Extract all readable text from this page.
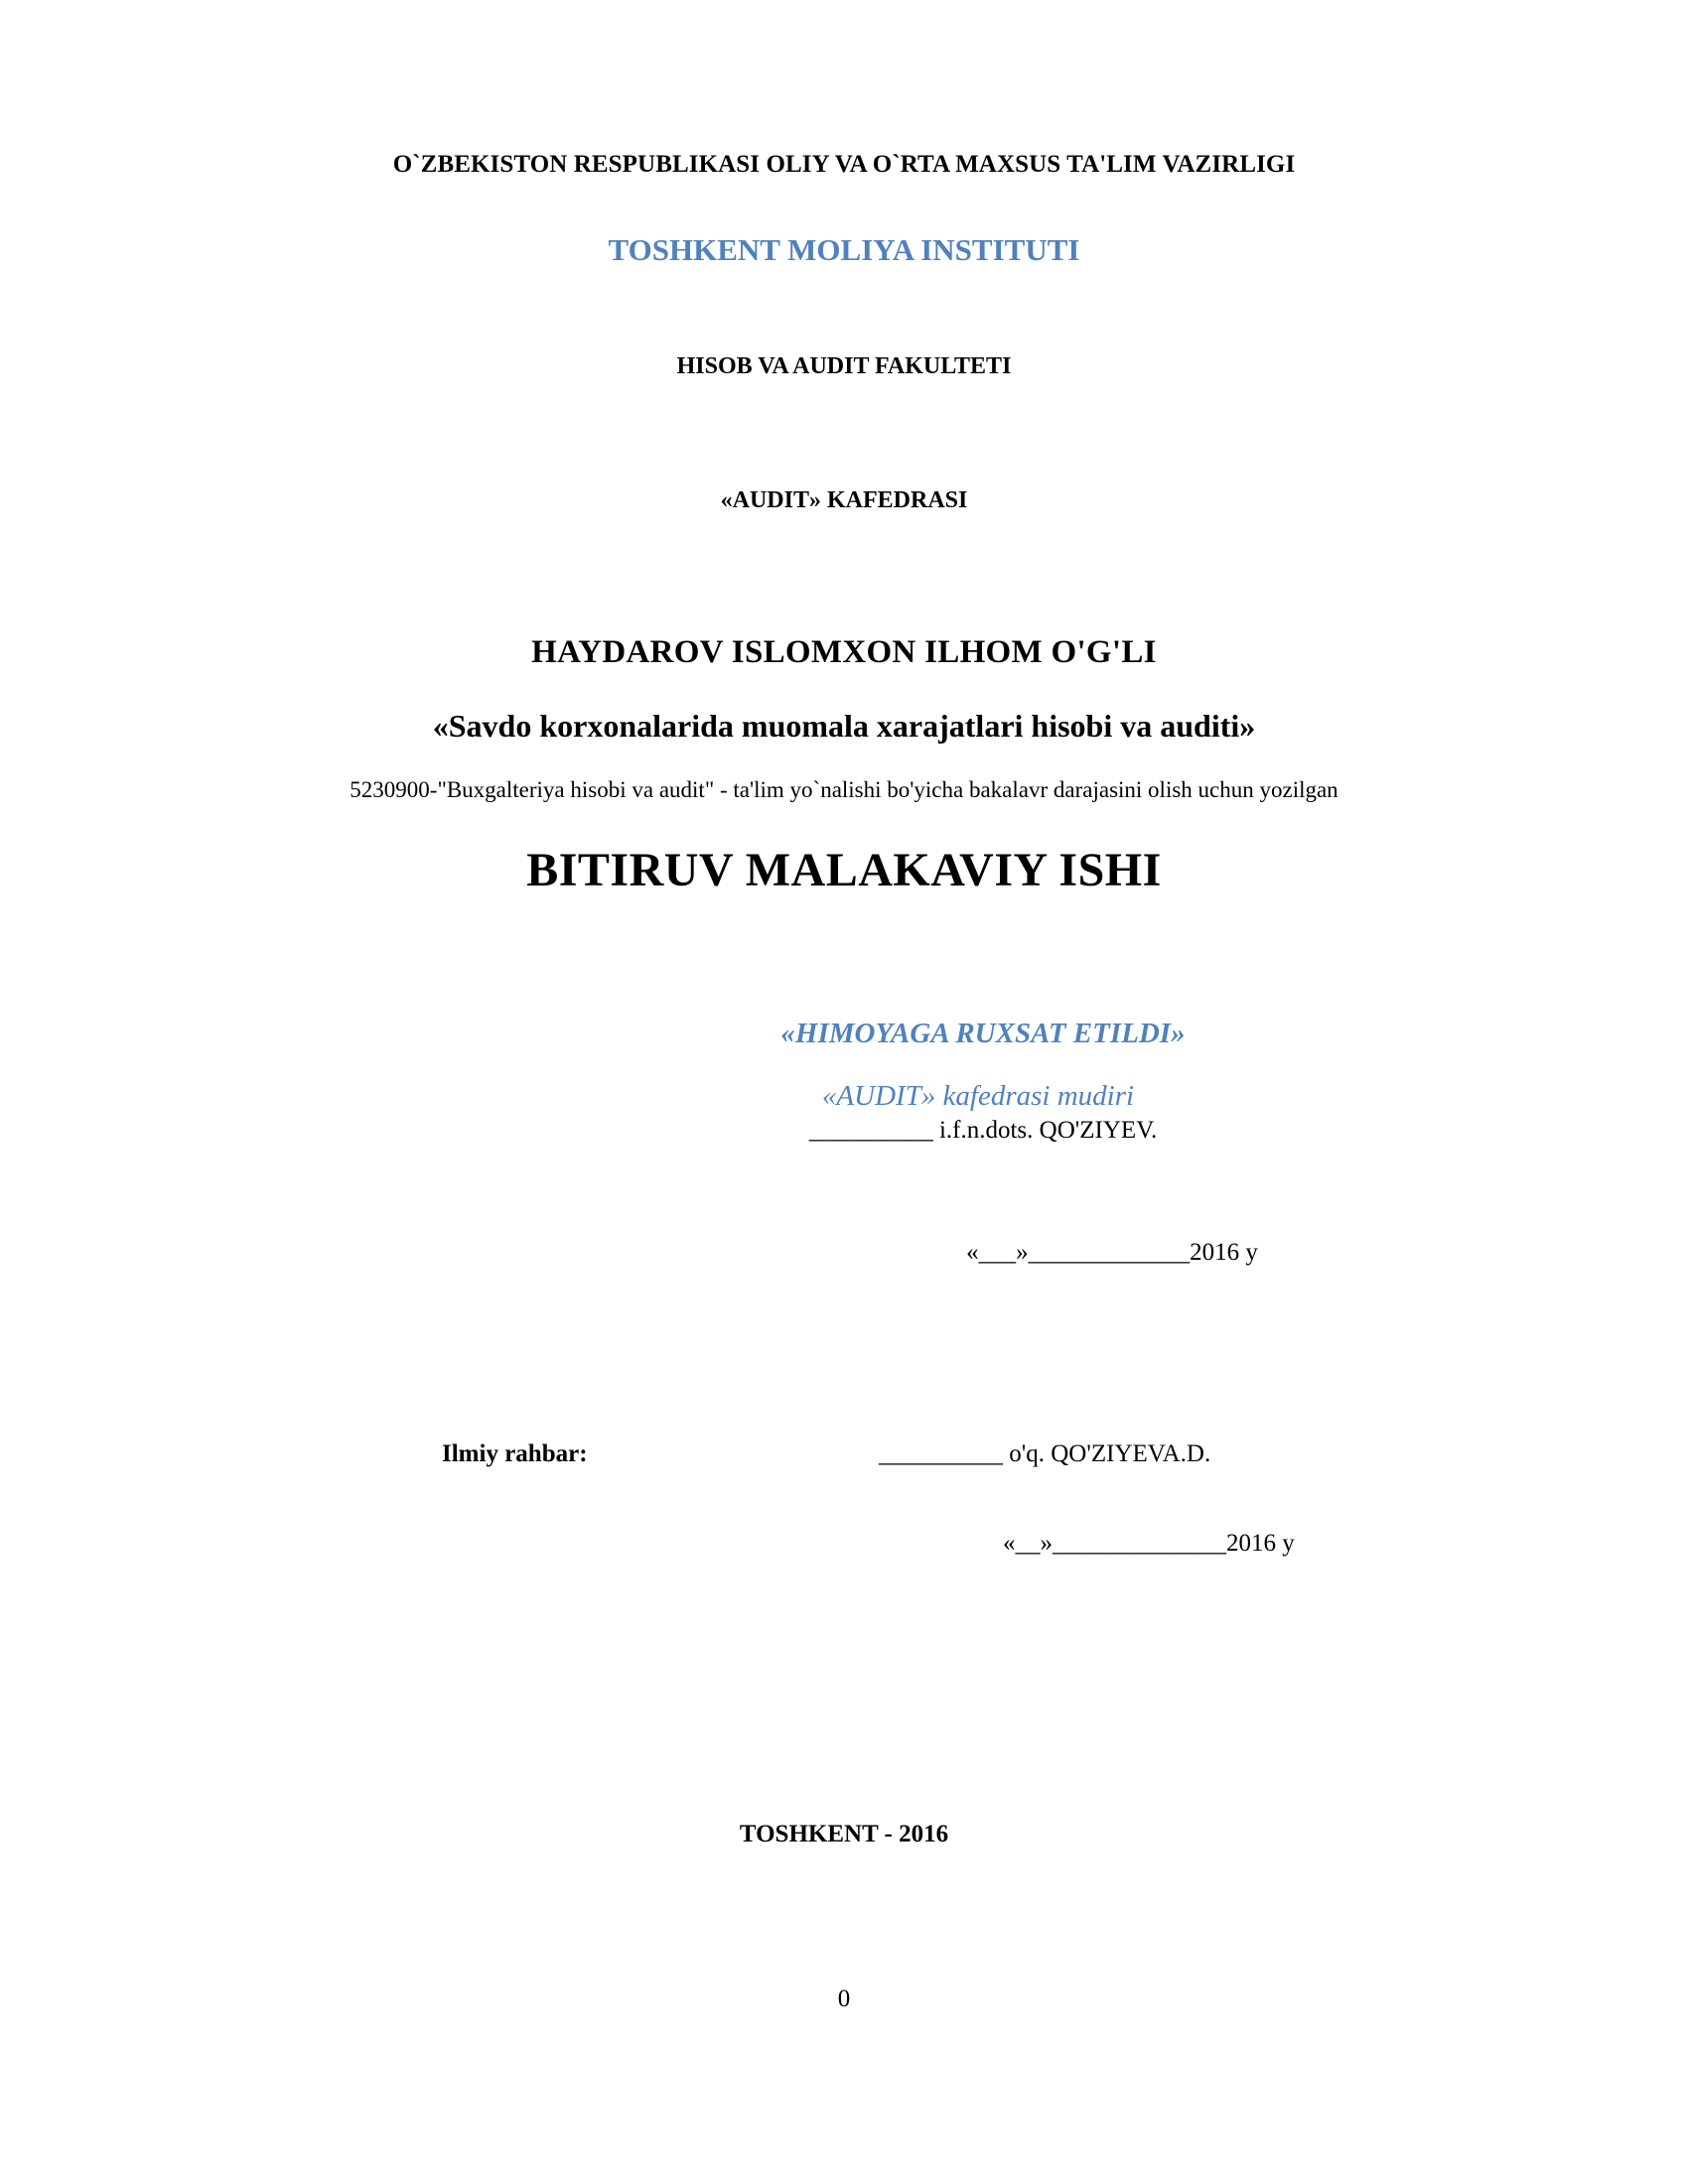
O`ZBEKISTON RESPUBLIKASI OLIY VA O`RTA MAXSUS TA'LIM VAZIRLIGI
TOSHKENT MOLIYA INSTITUTI
HISOB VA AUDIT FAKULTETI
«AUDIT» KAFEDRASI
HAYDAROV ISLOMXON ILHOM O'G'LI
«Savdo korxonalarida muomala xarajatlari hisobi va auditi»
5230900-"Buxgalteriya hisobi va audit" - ta'lim yo`nalishi bo'yicha bakalavr darajasini olish uchun yozilgan
BITIRUV MALAKAVIY ISHI
«HIMOYAGA RUXSAT ETILDI»
«AUDIT» kafedrasi mudiri
__________ i.f.n.dots. QO'ZIYEV.
«___»_____________2016 y
Ilmiy rahbar:	__________ o'q. QO'ZIYEVA.D.
«__»______________2016 y
TOSHKENT - 2016
0
